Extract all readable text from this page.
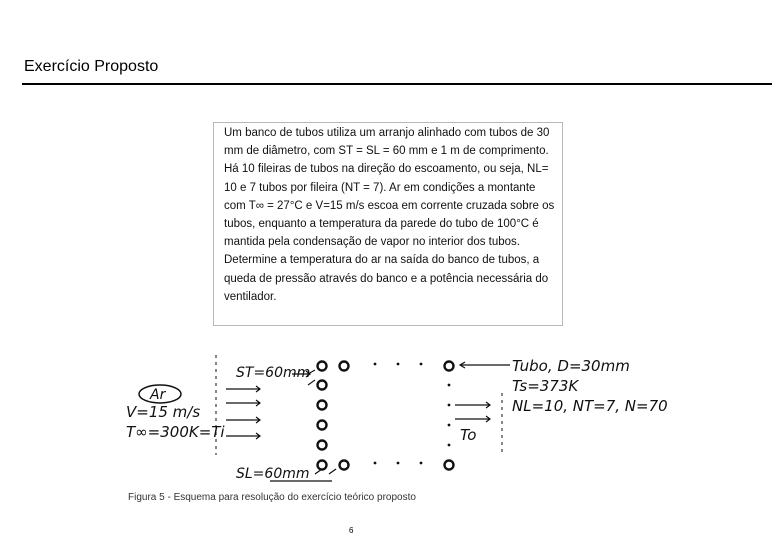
Exercício Proposto
Um banco de tubos utiliza um arranjo alinhado com tubos de 30 mm de diâmetro, com ST = SL = 60 mm e 1 m de comprimento. Há 10 fileiras de tubos na direção do escoamento, ou seja, NL= 10 e 7 tubos por fileira (NT = 7). Ar em condições a montante com T∞ = 27°C e V=15 m/s escoa em corrente cruzada sobre os tubos, enquanto a temperatura da parede do tubo de 100°C é mantida pela condensação de vapor no interior dos tubos. Determine a temperatura do ar na saída do banco de tubos, a queda de pressão através do banco e a potência necessária do ventilador.
Ar
V=15 m/s
T∞=300K=Ti
ST=60mm
SL=60mm
Tubo, D=30mm
Ts=373K
NL=10, NT=7, N=70
To
Figura 5 - Esquema para resolução do exercício teórico proposto
6
